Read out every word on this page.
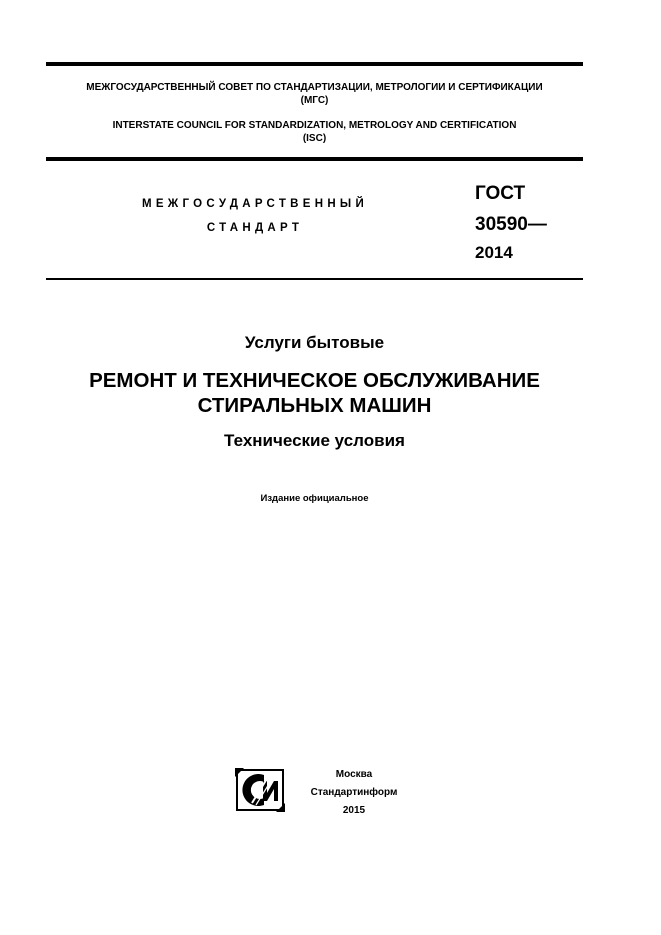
МЕЖГОСУДАРСТВЕННЫЙ СОВЕТ ПО СТАНДАРТИЗАЦИИ, МЕТРОЛОГИИ И СЕРТИФИКАЦИИ
(МГС)
INTERSTATE COUNCIL FOR STANDARDIZATION, METROLOGY AND CERTIFICATION
(ISC)
МЕЖГОСУДАРСТВЕННЫЙ
СТАНДАРТ
ГОСТ
30590—
2014
Услуги бытовые
РЕМОНТ И ТЕХНИЧЕСКОЕ ОБСЛУЖИВАНИЕ
СТИРАЛЬНЫХ МАШИН
Технические условия
Издание официальное
Москва
Стандартинформ
2015
